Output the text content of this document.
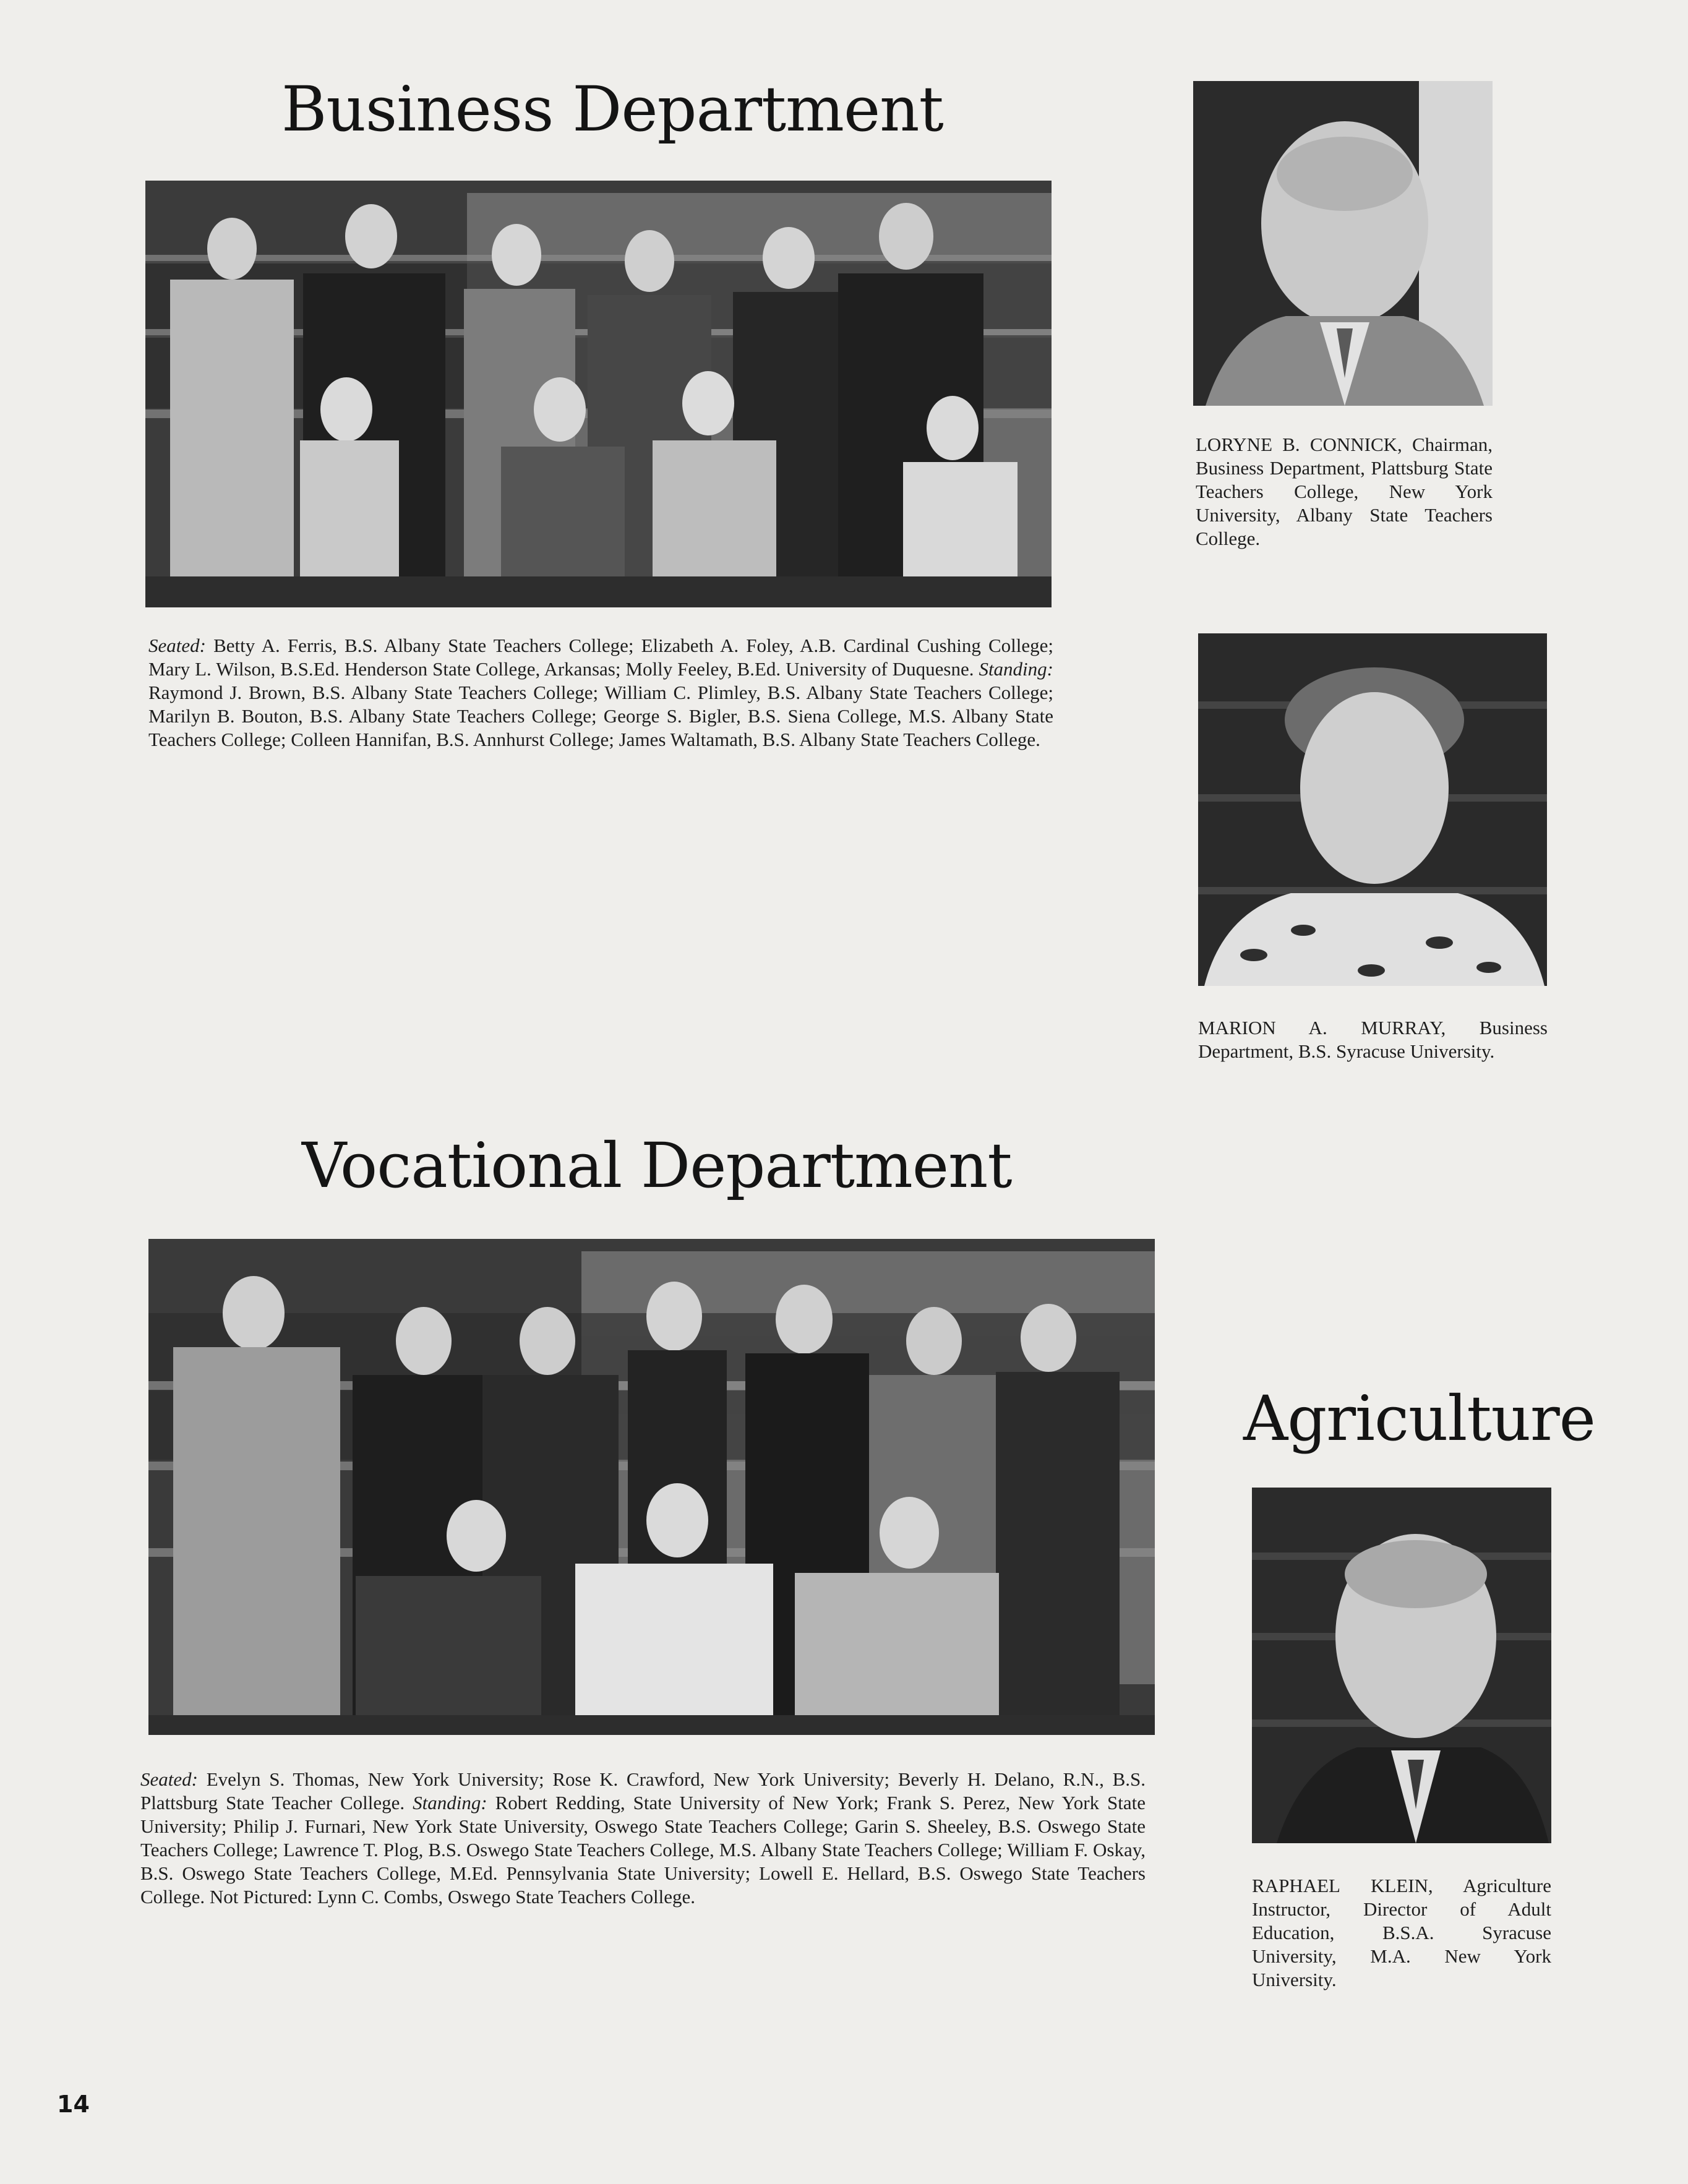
Business Department

Seated: Betty A. Ferris, B.S. Albany State Teachers College; Elizabeth A. Foley, A.B. Cardinal Cushing College; Mary L. Wilson, B.S.Ed. Henderson State College, Arkansas; Molly Feeley, B.Ed. University of Duquesne. Standing: Raymond J. Brown, B.S. Albany State Teachers College; William C. Plimley, B.S. Albany State Teachers College; Marilyn B. Bouton, B.S. Albany State Teachers College; George S. Bigler, B.S. Siena College, M.S. Albany State Teachers College; Colleen Hannifan, B.S. Annhurst College; James Waltamath, B.S. Albany State Teachers College.

LORYNE B. CONNICK, Chairman, Business Department, Plattsburg State Teachers College, New York University, Albany State Teachers College.

MARION A. MURRAY, Business Department, B.S. Syracuse University.

Vocational Department

Seated: Evelyn S. Thomas, New York University; Rose K. Crawford, New York University; Beverly H. Delano, R.N., B.S. Plattsburg State Teacher College. Standing: Robert Redding, State University of New York; Frank S. Perez, New York State University; Philip J. Furnari, New York State University, Oswego State Teachers College; Garin S. Sheeley, B.S. Oswego State Teachers College; Lawrence T. Plog, B.S. Oswego State Teachers College, M.S. Albany State Teachers College; William F. Oskay, B.S. Oswego State Teachers College, M.Ed. Pennsylvania State University; Lowell E. Hellard, B.S. Oswego State Teachers College. Not Pictured: Lynn C. Combs, Oswego State Teachers College.

Agriculture

RAPHAEL KLEIN, Agriculture Instructor, Director of Adult Education, B.S.A. Syracuse University, M.A. New York University.

14
